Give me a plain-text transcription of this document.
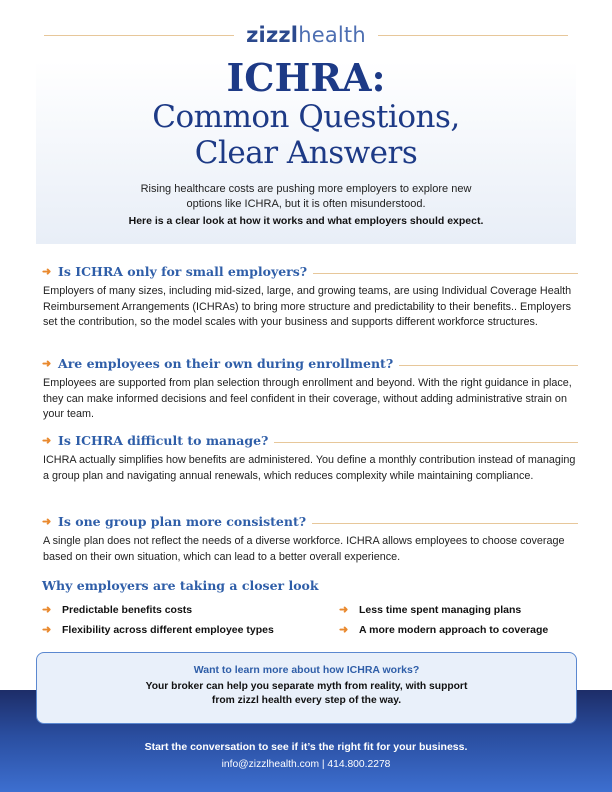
zizzlhealth
ICHRA:
Common Questions,
Clear Answers
Rising healthcare costs are pushing more employers to explore new options like ICHRA, but it is often misunderstood.
Here is a clear look at how it works and what employers should expect.
➜ Is ICHRA only for small employers?
Employers of many sizes, including mid-sized, large, and growing teams, are using Individual Coverage Health Reimbursement Arrangements (ICHRAs) to bring more structure and predictability to their benefits.. Employers set the contribution, so the model scales with your business and supports different workforce structures.
➜ Are employees on their own during enrollment?
Employees are supported from plan selection through enrollment and beyond. With the right guidance in place, they can make informed decisions and feel confident in their coverage, without adding administrative strain on your team.
➜ Is ICHRA difficult to manage?
ICHRA actually simplifies how benefits are administered. You define a monthly contribution instead of managing a group plan and navigating annual renewals, which reduces complexity while maintaining compliance.
➜ Is one group plan more consistent?
A single plan does not reflect the needs of a diverse workforce. ICHRA allows employees to choose coverage based on their own situation, which can lead to a better overall experience.
Why employers are taking a closer look
➜	Predictable benefits costs	➜	Less time spent managing plans
➜	Flexibility across different employee types	➜	A more modern approach to coverage
Want to learn more about how ICHRA works?
Your broker can help you separate myth from reality, with support
from zizzl health every step of the way.
Start the conversation to see if it’s the right fit for your business.
info@zizzlhealth.com | 414.800.2278
